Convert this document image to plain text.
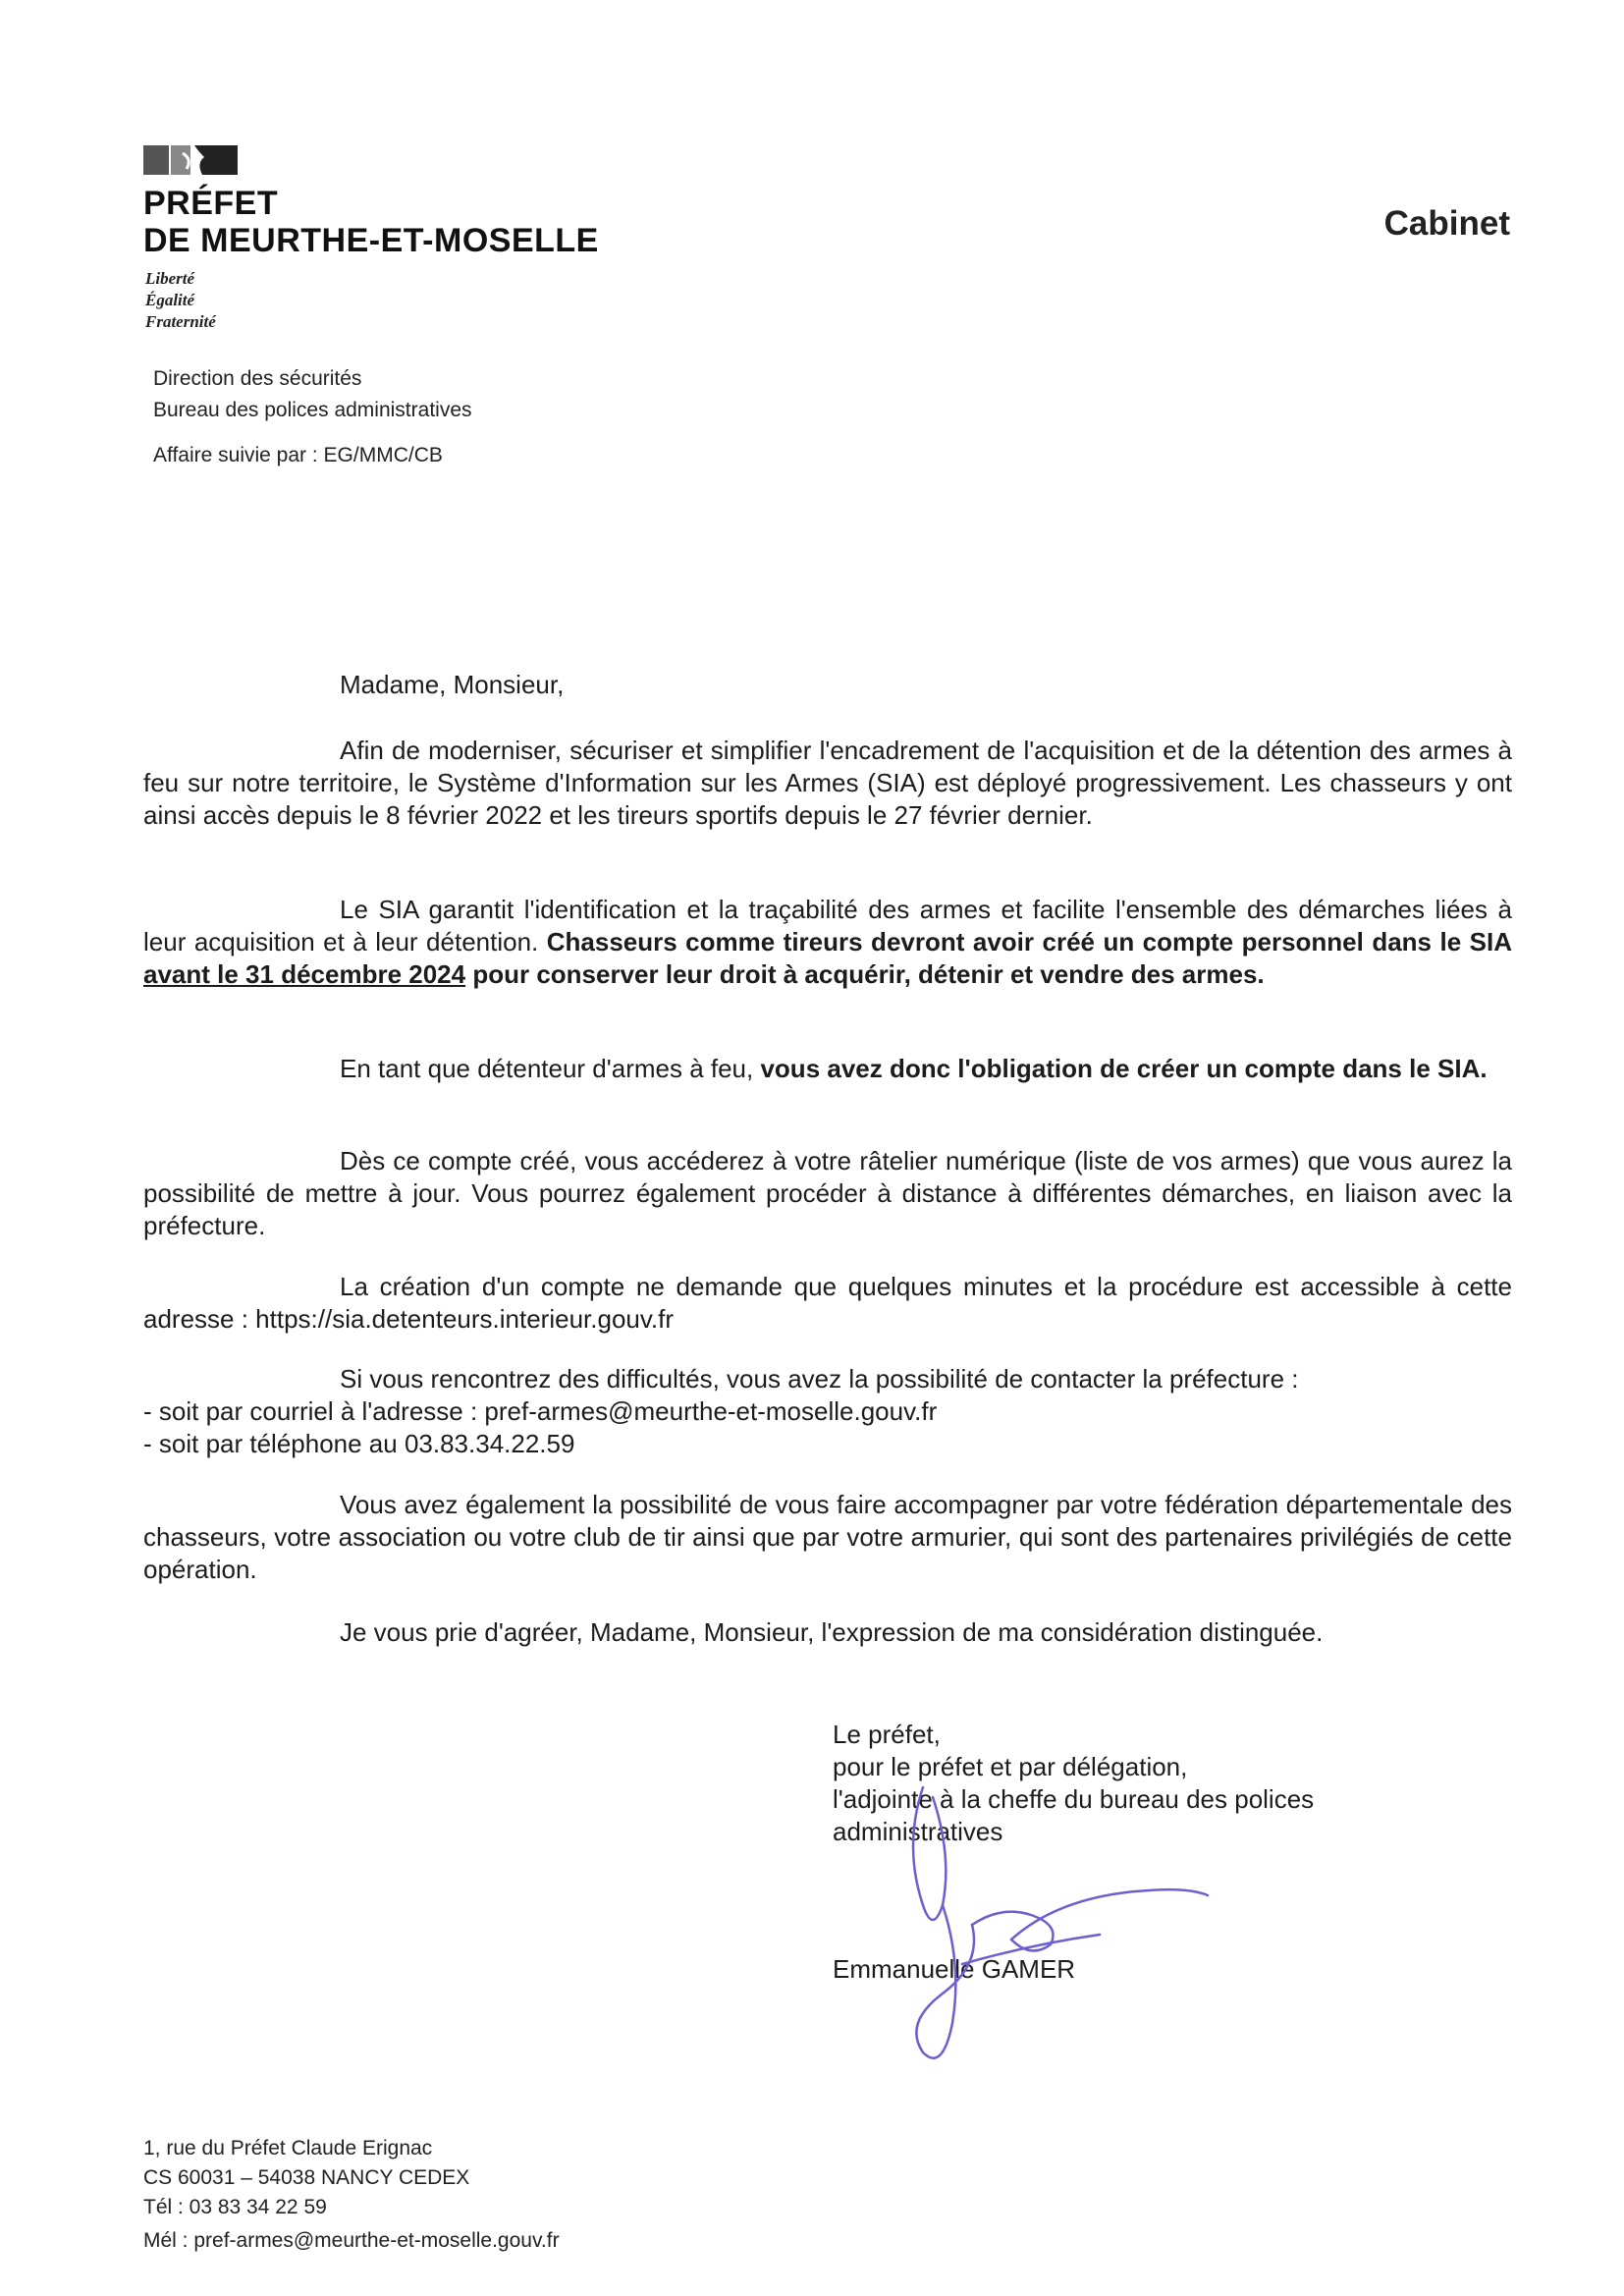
PRÉFET
DE MEURTHE-ET-MOSELLE
Liberté
Égalité
Fraternité
Cabinet
Direction des sécurités
Bureau des polices administratives
Affaire suivie par : EG/MMC/CB
Madame, Monsieur,

Afin de moderniser, sécuriser et simplifier l'encadrement de l'acquisition et de la détention des armes à feu sur notre territoire, le Système d'Information sur les Armes (SIA) est déployé progressivement. Les chasseurs y ont ainsi accès depuis le 8 février 2022 et les tireurs sportifs depuis le 27 février dernier.

Le SIA garantit l'identification et la traçabilité des armes et facilite l'ensemble des démarches liées à leur acquisition et à leur détention. Chasseurs comme tireurs devront avoir créé un compte personnel dans le SIA avant le 31 décembre 2024 pour conserver leur droit à acquérir, détenir et vendre des armes.

En tant que détenteur d'armes à feu, vous avez donc l'obligation de créer un compte dans le SIA.

Dès ce compte créé, vous accéderez à votre râtelier numérique (liste de vos armes) que vous aurez la possibilité de mettre à jour. Vous pourrez également procéder à distance à différentes démarches, en liaison avec la préfecture.

La création d'un compte ne demande que quelques minutes et la procédure est accessible à cette adresse : https://sia.detenteurs.interieur.gouv.fr

Si vous rencontrez des difficultés, vous avez la possibilité de contacter la préfecture :

- soit par courriel à l'adresse : pref-armes@meurthe-et-moselle.gouv.fr

- soit par téléphone au 03.83.34.22.59

Vous avez également la possibilité de vous faire accompagner par votre fédération départementale des chasseurs, votre association ou votre club de tir ainsi que par votre armurier, qui sont des partenaires privilégiés de cette opération.

Je vous prie d'agréer, Madame, Monsieur, l'expression de ma considération distinguée.

Le préfet,
pour le préfet et par délégation,
l'adjointe à la cheffe du bureau des polices
administratives
Emmanuelle GAMER
1, rue du Préfet Claude Erignac
CS 60031 – 54038 NANCY CEDEX
Tél : 03 83 34 22 59
Mél : pref-armes@meurthe-et-moselle.gouv.fr
